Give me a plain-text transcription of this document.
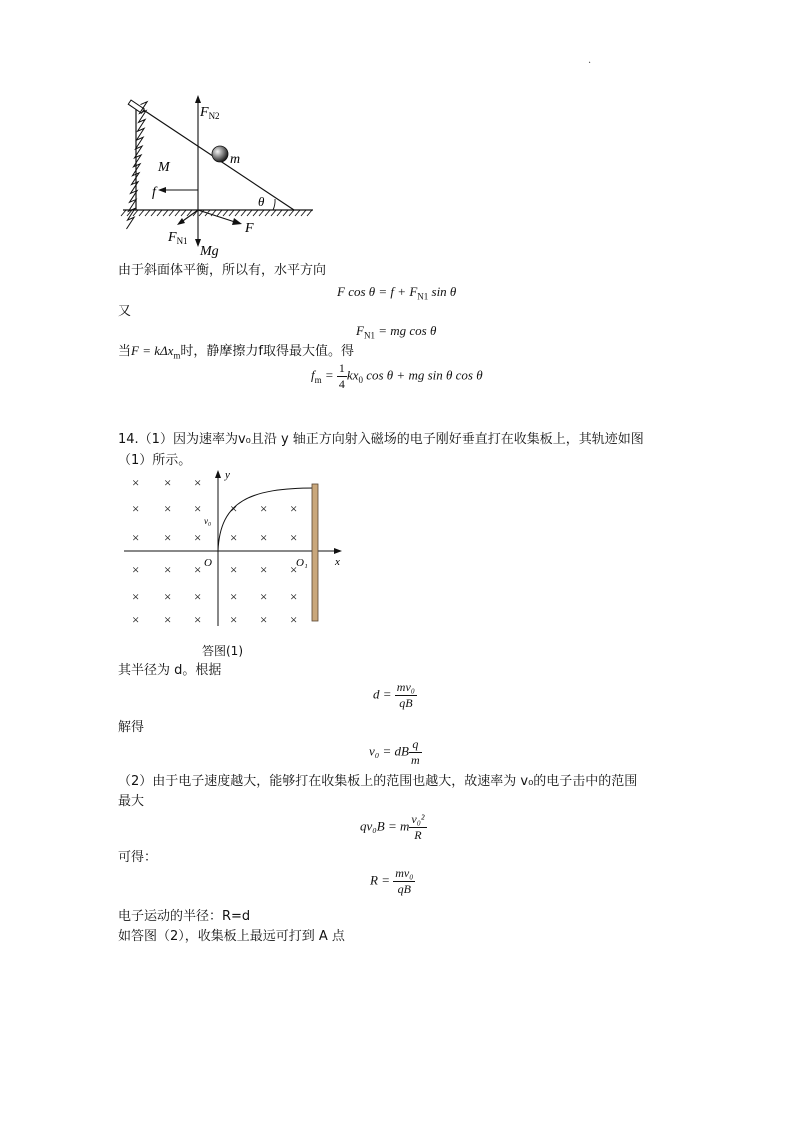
·
$F_{N2}$
m
M
f
θ
F
$F_{N1}$
Mg
由于斜面体平衡，所以有，水平方向
F $\cos \theta = f + F_{N1}$ sin θ
又
$F_{N1}$ = mg cos θ
当F = kΔx$_m$时，静摩擦力f取得最大值。得
$f_m = \frac{1}{4} kx_0$ cos θ + mg sin θ cos θ
14.（1）因为速率为v₀且沿 y 轴正方向射入磁场的电子刚好垂直打在收集板上，其轨迹如图
（1）所示。
× × ×
× × × × × ×
× × × × × ×
× × × × × ×
× × × × × ×
× × × × × ×
y
v₀
O	O₁ x
答图(1)
其半径为 d。根据
$d = \frac{\text{mv₀}}{qB}$
解得
v₀ = dB $\frac{q}{m}$
（2）由于电子速度越大，能够打在收集板上的范围也越大，故速率为 v₀的电子击中的范围
最大
qv₀B = m $\frac{\text{v₀²}}{R}$
可得：
$R = \frac{\text{mv₀}}{qB}$
电子运动的半径：R=d
如答图（2），收集板上最远可打到 A 点
